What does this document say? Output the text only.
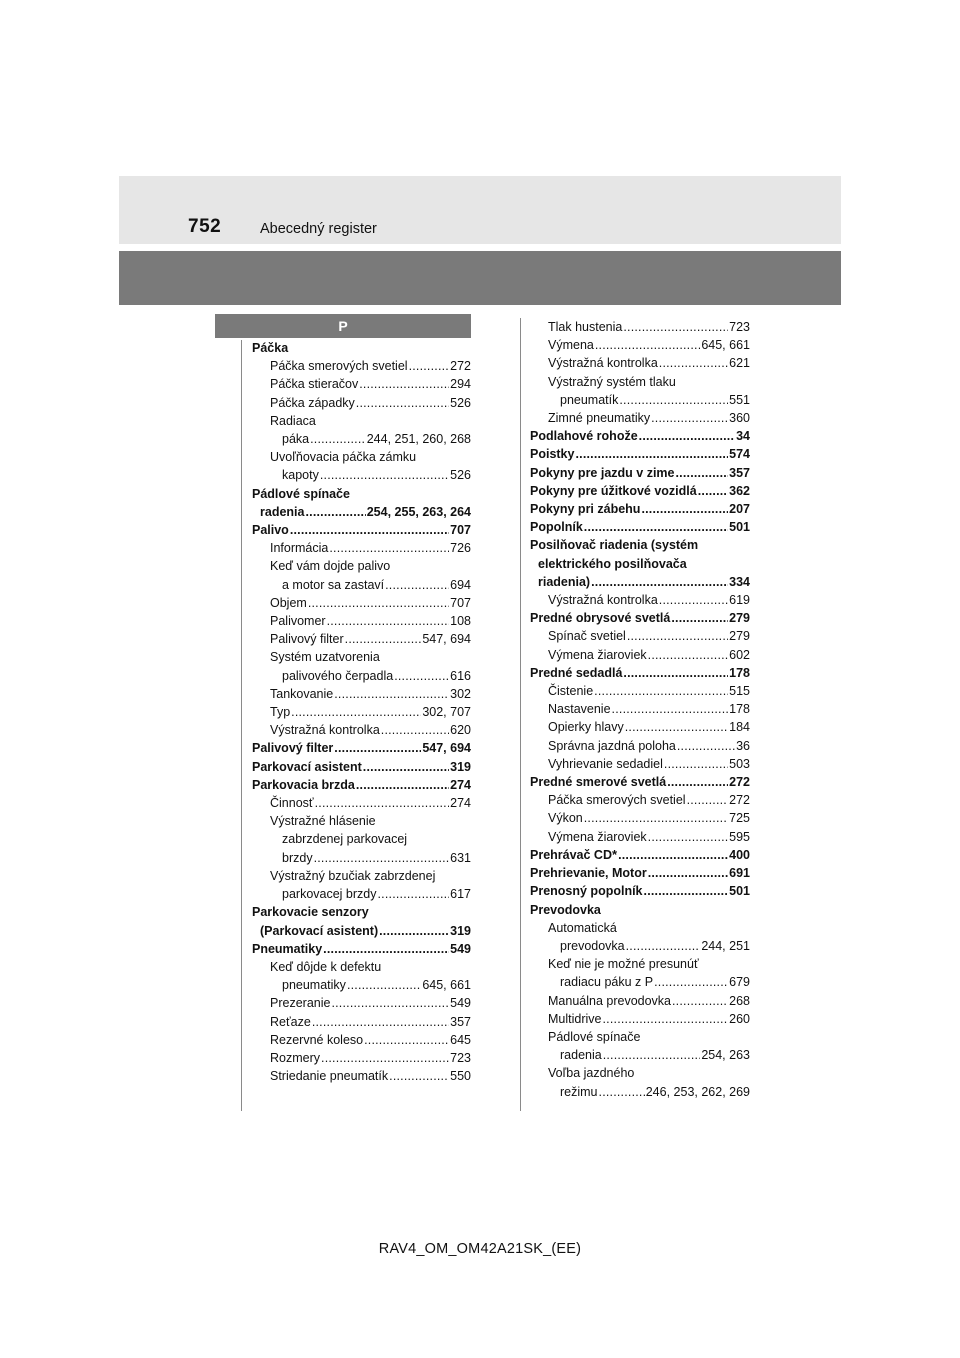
752	Abecedný register
P
Páčka
Páčka smerových svetiel .....	272
Páčka stieračov .....	294
Páčka západky .....	526
Radiaca
páka .....	244, 251, 260, 268
Uvoľňovacia páčka zámku
kapoty .....	526
Pádlové spínače
radenia .....	254, 255, 263, 264
Palivo .....	707
Informácia .....	726
Keď vám dojde palivo
a motor sa zastaví .....	694
Objem .....	707
Palivomer .....	108
Palivový filter .....	547, 694
Systém uzatvorenia
palivového čerpadla .....	616
Tankovanie .....	302
Typ .....	302, 707
Výstražná kontrolka .....	620
Palivový filter .....	547, 694
Parkovací asistent .....	319
Parkovacia brzda .....	274
Činnosť .....	274
Výstražné hlásenie
zabrzdenej parkovacej
brzdy .....	631
Výstražný bzučiak zabrzdenej
parkovacej brzdy .....	617
Parkovacie senzory
(Parkovací asistent) .....	319
Pneumatiky .....	549
Keď dôjde k defektu
pneumatiky .....	645, 661
Prezeranie .....	549
Reťaze .....	357
Rezervné koleso .....	645
Rozmery .....	723
Striedanie pneumatík .....	550
Tlak hustenia .....	723
Výmena .....	645, 661
Výstražná kontrolka .....	621
Výstražný systém tlaku
pneumatík .....	551
Zimné pneumatiky .....	360
Podlahové rohože .....	34
Poistky .....	574
Pokyny pre jazdu v zime .....	357
Pokyny pre úžitkové vozidlá .....	362
Pokyny pri zábehu .....	207
Popolník .....	501
Posilňovač riadenia (systém
elektrického posilňovača
riadenia) .....	334
Výstražná kontrolka .....	619
Predné obrysové svetlá .....	279
Spínač svetiel .....	279
Výmena žiaroviek .....	602
Predné sedadlá .....	178
Čistenie .....	515
Nastavenie .....	178
Opierky hlavy .....	184
Správna jazdná poloha .....	36
Vyhrievanie sedadiel .....	503
Predné smerové svetlá .....	272
Páčka smerových svetiel .....	272
Výkon .....	725
Výmena žiaroviek .....	595
Prehrávač CD * .....	400
Prehrievanie, Motor .....	691
Prenosný popolník .....	501
Prevodovka
Automatická
prevodovka .....	244, 251
Keď nie je možné presunúť
radiacu páku z P .....	679
Manuálna prevodovka .....	268
Multidrive .....	260
Pádlové spínače
radenia .....	254, 263
Voľba jazdného
režimu .....	246, 253, 262, 269
RAV4_OM_OM42A21SK_(EE)
